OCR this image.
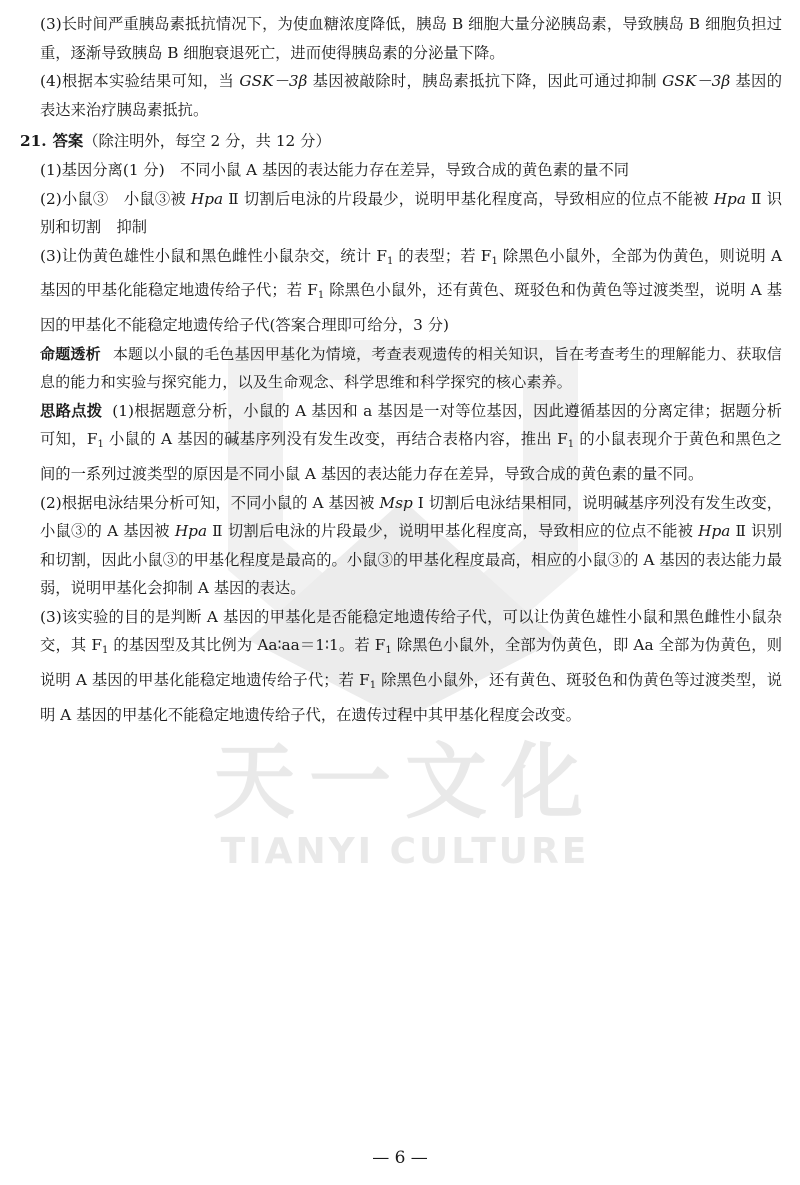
天一文化
TIANYI CULTURE

(3)长时间严重胰岛素抵抗情况下，为使血糖浓度降低，胰岛 B 细胞大量分泌胰岛素，导致胰岛 B 细胞负担过重，逐渐导致胰岛 B 细胞衰退死亡，进而使得胰岛素的分泌量下降。

(4)根据本实验结果可知，当 GSK－3β 基因被敲除时，胰岛素抵抗下降，因此可通过抑制 GSK－3β 基因的表达来治疗胰岛素抵抗。

21. 答案（除注明外，每空 2 分，共 12 分）

(1)基因分离(1 分)　不同小鼠 A 基因的表达能力存在差异，导致合成的黄色素的量不同

(2)小鼠③　小鼠③被 Hpa Ⅱ 切割后电泳的片段最少，说明甲基化程度高，导致相应的位点不能被 Hpa Ⅱ 识别和切割　抑制

(3)让伪黄色雄性小鼠和黑色雌性小鼠杂交，统计 $F_1$ 的表型；若 $F_1$ 除黑色小鼠外，全部为伪黄色，则说明 A 基因的甲基化能稳定地遗传给子代；若 $F_1$ 除黑色小鼠外，还有黄色、斑驳色和伪黄色等过渡类型，说明 A 基因的甲基化不能稳定地遗传给子代(答案合理即可给分，3 分)

命题透析 本题以小鼠的毛色基因甲基化为情境，考查表观遗传的相关知识，旨在考查考生的理解能力、获取信息的能力和实验与探究能力，以及生命观念、科学思维和科学探究的核心素养。

思路点拨 (1)根据题意分析，小鼠的 A 基因和 a 基因是一对等位基因，因此遵循基因的分离定律；据题分析可知，$F_1$ 小鼠的 A 基因的碱基序列没有发生改变，再结合表格内容，推出 $F_1$ 的小鼠表现介于黄色和黑色之间的一系列过渡类型的原因是不同小鼠 A 基因的表达能力存在差异，导致合成的黄色素的量不同。

(2)根据电泳结果分析可知，不同小鼠的 A 基因被 Msp Ⅰ 切割后电泳结果相同，说明碱基序列没有发生改变，小鼠③的 A 基因被 Hpa Ⅱ 切割后电泳的片段最少，说明甲基化程度高，导致相应的位点不能被 Hpa Ⅱ 识别和切割，因此小鼠③的甲基化程度是最高的。小鼠③的甲基化程度最高，相应的小鼠③的 A 基因的表达能力最弱，说明甲基化会抑制 A 基因的表达。

(3)该实验的目的是判断 A 基因的甲基化是否能稳定地遗传给子代，可以让伪黄色雄性小鼠和黑色雌性小鼠杂交，其 $F_1$ 的基因型及其比例为 Aa∶aa＝1∶1。若 $F_1$ 除黑色小鼠外，全部为伪黄色，即 Aa 全部为伪黄色，则说明 A 基因的甲基化能稳定地遗传给子代；若 $F_1$ 除黑色小鼠外，还有黄色、斑驳色和伪黄色等过渡类型，说明 A 基因的甲基化不能稳定地遗传给子代，在遗传过程中其甲基化程度会改变。

— 6 —
